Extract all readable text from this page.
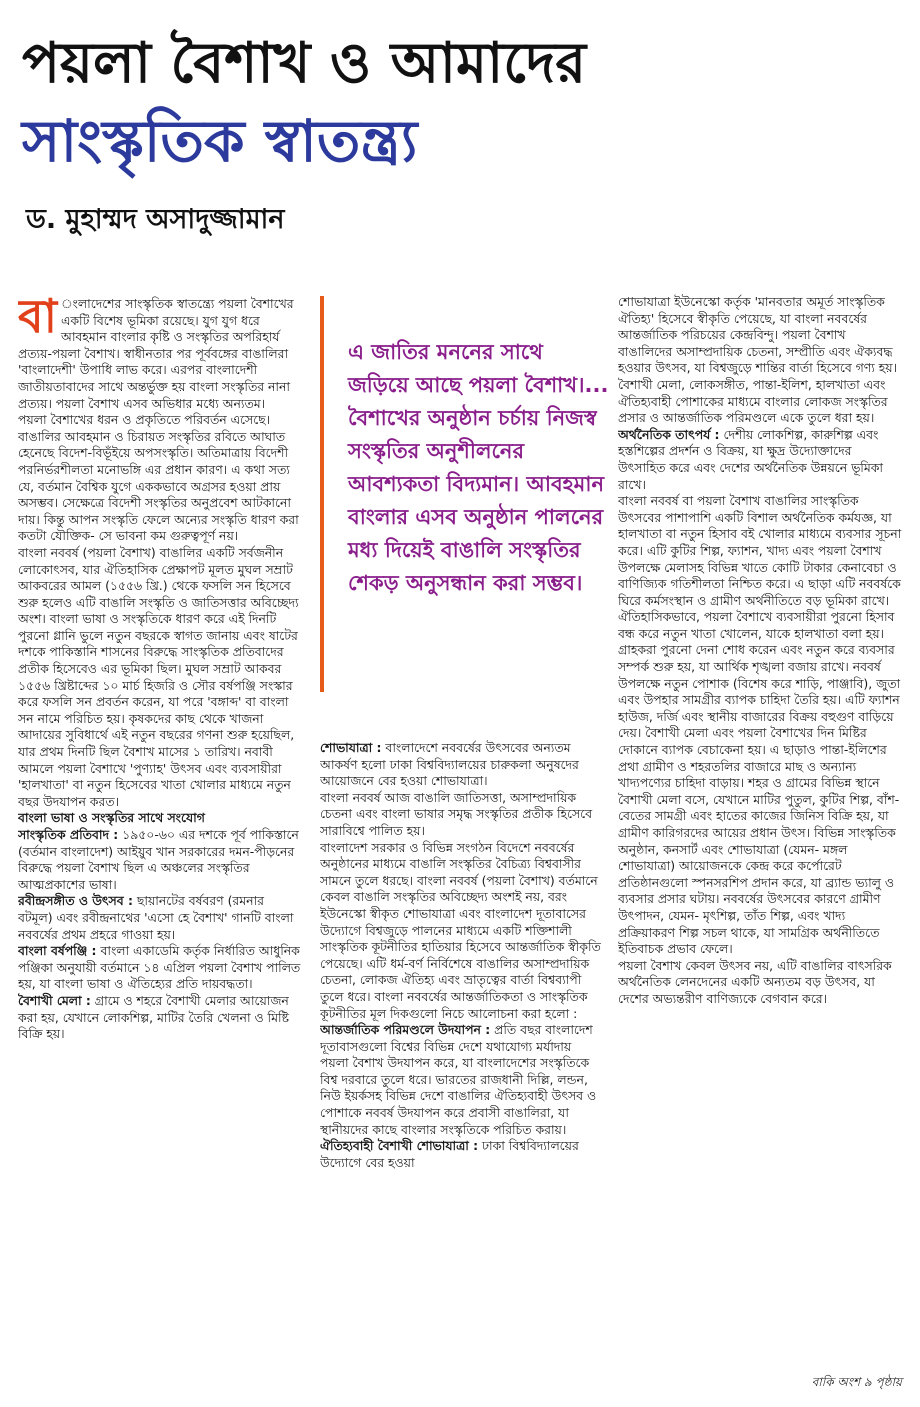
পয়লা বৈশাখ ও আমাদের
সাংস্কৃতিক স্বাতন্ত্র্য
ড. মুহাম্মদ অসাদুজ্জামান

বা ংলাদেশের সাংস্কৃতিক স্বাতন্ত্র্যে পয়লা বৈশাখের একটি বিশেষ ভূমিকা রয়েছে। যুগ যুগ ধরে আবহমান বাংলার কৃষ্টি ও সংস্কৃতির অপরিহার্য প্রত্যয়-পয়লা বৈশাখ। স্বাধীনতার পর পূর্ববঙ্গের বাঙালিরা 'বাংলাদেশী' উপাধি লাভ করে। এরপর বাংলাদেশী জাতীয়তাবাদের সাথে অন্তর্ভুক্ত হয় বাংলা সংস্কৃতির নানা প্রত্যয়। পয়লা বৈশাখ এসব অভিধার মধ্যে অন্যতম।

পয়লা বৈশাখের ধরন ও প্রকৃতিতে পরিবর্তন এসেছে। বাঙালির আবহমান ও চিরায়ত সংস্কৃতির রবিতে আঘাত হেনেছে বিদেশ-বিভূঁইয়ে অপসংস্কৃতি। অতিমাত্রায় বিদেশী পরনির্ভরশীলতা মনোভঙ্গি এর প্রধান কারণ। এ কথা সত্য যে, বর্তমান বৈশ্বিক যুগে এককভাবে অগ্রসর হওয়া প্রায় অসম্ভব। সেক্ষেত্রে বিদেশী সংস্কৃতির অনুপ্রবেশ আটকানো দায়। কিন্তু আপন সংস্কৃতি ফেলে অন্যের সংস্কৃতি ধারণ করা কতটা যৌক্তিক- সে ভাবনা কম গুরুত্বপূর্ণ নয়।

বাংলা নববর্ষ (পয়লা বৈশাখ) বাঙালির একটি সর্বজনীন লোকোৎসব, যার ঐতিহাসিক প্রেক্ষাপট মূলত মুঘল সম্রাট আকবরের আমল (১৫৫৬ খ্রি.) থেকে ফসলি সন হিসেবে শুরু হলেও এটি বাঙালি সংস্কৃতি ও জাতিসত্তার অবিচ্ছেদ্য অংশ। বাংলা ভাষা ও সংস্কৃতিকে ধারণ করে এই দিনটি পুরনো গ্লানি ভুলে নতুন বছরকে স্বাগত জানায় এবং ষাটের দশকে পাকিস্তানি শাসনের বিরুদ্ধে সাংস্কৃতিক প্রতিবাদের প্রতীক হিসেবেও এর ভূমিকা ছিল। মুঘল সম্রাট আকবর ১৫৫৬ খ্রিষ্টাব্দের ১০ মার্চ হিজরি ও সৌর বর্ষপঞ্জি সংস্কার করে ফসলি সন প্রবর্তন করেন, যা পরে 'বঙ্গাব্দ' বা বাংলা সন নামে পরিচিত হয়। কৃষকদের কাছ থেকে খাজনা আদায়ের সুবিধার্থে এই নতুন বছরের গণনা শুরু হয়েছিল, যার প্রথম দিনটি ছিল বৈশাখ মাসের ১ তারিখ। নবাবী আমলে পয়লা বৈশাখে 'পুণ্যাহ' উৎসব এবং ব্যবসায়ীরা 'হালখাতা' বা নতুন হিসেবের খাতা খোলার মাধ্যমে নতুন বছর উদযাপন করত।

বাংলা ভাষা ও সংস্কৃতির সাথে সংযোগ

সাংস্কৃতিক প্রতিবাদ : ১৯৫০-৬০ এর দশকে পূর্ব পাকিস্তানে (বর্তমান বাংলাদেশ) আইয়ুব খান সরকারের দমন-পীড়নের বিরুদ্ধে পয়লা বৈশাখ ছিল এ অঞ্চলের সংস্কৃতির আত্মপ্রকাশের ভাষা।

রবীন্দ্রসঙ্গীত ও উৎসব : ছায়ানটের বর্ষবরণ (রমনার বটমূল) এবং রবীন্দ্রনাথের 'এসো হে বৈশাখ' গানটি বাংলা নববর্ষের প্রথম প্রহরে গাওয়া হয়।

বাংলা বর্ষপঞ্জি : বাংলা একাডেমি কর্তৃক নির্ধারিত আধুনিক পঞ্জিকা অনুযায়ী বর্তমানে ১৪ এপ্রিল পয়লা বৈশাখ পালিত হয়, যা বাংলা ভাষা ও ঐতিহ্যের প্রতি দায়বদ্ধতা।

বৈশাখী মেলা : গ্রামে ও শহরে বৈশাখী মেলার আয়োজন করা হয়, যেখানে লোকশিল্প, মাটির তৈরি খেলনা ও মিষ্টি বিক্রি হয়।

এ জাতির মননের সাথে জড়িয়ে আছে পয়লা বৈশাখ।... বৈশাখের অনুষ্ঠান চর্চায় নিজস্ব সংস্কৃতির অনুশীলনের আবশ্যকতা বিদ্যমান। আবহমান বাংলার এসব অনুষ্ঠান পালনের মধ্য দিয়েই বাঙালি সংস্কৃতির শেকড় অনুসন্ধান করা সম্ভব।

শোভাযাত্রা : বাংলাদেশে নববর্ষের উৎসবের অন্যতম আকর্ষণ হলো ঢাকা বিশ্ববিদ্যালয়ের চারুকলা অনুষদের আয়োজনে বের হওয়া শোভাযাত্রা।

বাংলা নববর্ষ আজ বাঙালি জাতিসত্তা, অসাম্প্রদায়িক চেতনা এবং বাংলা ভাষার সমৃদ্ধ সংস্কৃতির প্রতীক হিসেবে সারাবিশ্বে পালিত হয়।

বাংলাদেশ সরকার ও বিভিন্ন সংগঠন বিদেশে নববর্ষের অনুষ্ঠানের মাধ্যমে বাঙালি সংস্কৃতির বৈচিত্র্য বিশ্ববাসীর সামনে তুলে ধরছে। বাংলা নববর্ষ (পয়লা বৈশাখ) বর্তমানে কেবল বাঙালি সংস্কৃতির অবিচ্ছেদ্য অংশই নয়, বরং ইউনেস্কো স্বীকৃত শোভাযাত্রা এবং বাংলাদেশ দূতাবাসের উদ্যোগে বিশ্বজুড়ে পালনের মাধ্যমে একটি শক্তিশালী সাংস্কৃতিক কূটনীতির হাতিয়ার হিসেবে আন্তর্জাতিক স্বীকৃতি পেয়েছে। এটি ধর্ম-বর্ণ নির্বিশেষে বাঙালির অসাম্প্রদায়িক চেতনা, লোকজ ঐতিহ্য এবং ভ্রাতৃত্বের বার্তা বিশ্বব্যাপী তুলে ধরে। বাংলা নববর্ষের আন্তর্জাতিকতা ও সাংস্কৃতিক কূটনীতির মূল দিকগুলো নিচে আলোচনা করা হলো :

আন্তর্জাতিক পরিমণ্ডলে উদযাপন : প্রতি বছর বাংলাদেশ দূতাবাসগুলো বিশ্বের বিভিন্ন দেশে যথাযোগ্য মর্যাদায় পয়লা বৈশাখ উদযাপন করে, যা বাংলাদেশের সংস্কৃতিকে বিশ্ব দরবারে তুলে ধরে। ভারতের রাজধানী দিল্লি, লন্ডন, নিউ ইয়র্কসহ বিভিন্ন দেশে বাঙালির ঐতিহ্যবাহী উৎসব ও পোশাকে নববর্ষ উদযাপন করে প্রবাসী বাঙালিরা, যা স্থানীয়দের কাছে বাংলার সংস্কৃতিকে পরিচিত করায়।

ঐতিহ্যবাহী বৈশাখী শোভাযাত্রা : ঢাকা বিশ্ববিদ্যালয়ের উদ্যোগে বের হওয়া

শোভাযাত্রা ইউনেস্কো কর্তৃক 'মানবতার অমূর্ত সাংস্কৃতিক ঐতিহ্য' হিসেবে স্বীকৃতি পেয়েছে, যা বাংলা নববর্ষের আন্তর্জাতিক পরিচয়ের কেন্দ্রবিন্দু। পয়লা বৈশাখ বাঙালিদের অসাম্প্রদায়িক চেতনা, সম্প্রীতি এবং ঐক্যবদ্ধ হওয়ার উৎসব, যা বিশ্বজুড়ে শান্তির বার্তা হিসেবে গণ্য হয়। বৈশাখী মেলা, লোকসঙ্গীত, পান্তা-ইলিশ, হালখাতা এবং ঐতিহ্যবাহী পোশাকের মাধ্যমে বাংলার লোকজ সংস্কৃতির প্রসার ও আন্তর্জাতিক পরিমণ্ডলে একে তুলে ধরা হয়।

অর্থনৈতিক তাৎপর্য : দেশীয় লোকশিল্প, কারুশিল্প এবং হস্তশিল্পের প্রদর্শন ও বিক্রয়, যা ক্ষুদ্র উদ্যোক্তাদের উৎসাহিত করে এবং দেশের অর্থনৈতিক উন্নয়নে ভূমিকা রাখে।

বাংলা নববর্ষ বা পয়লা বৈশাখ বাঙালির সাংস্কৃতিক উৎসবের পাশাপাশি একটি বিশাল অর্থনৈতিক কর্মযজ্ঞ, যা হালখাতা বা নতুন হিসাব বই খোলার মাধ্যমে ব্যবসার সূচনা করে। এটি কুটির শিল্প, ফ্যাশন, খাদ্য এবং পয়লা বৈশাখ উপলক্ষে মেলাসহ বিভিন্ন খাতে কোটি টাকার কেনাবেচা ও বাণিজ্যিক গতিশীলতা নিশ্চিত করে। এ ছাড়া এটি নববর্ষকে ঘিরে কর্মসংস্থান ও গ্রামীণ অর্থনীতিতে বড় ভূমিকা রাখে।

ঐতিহাসিকভাবে, পয়লা বৈশাখে ব্যবসায়ীরা পুরনো হিসাব বন্ধ করে নতুন খাতা খোলেন, যাকে হালখাতা বলা হয়। গ্রাহকরা পুরনো দেনা শোধ করেন এবং নতুন করে ব্যবসার সম্পর্ক শুরু হয়, যা আর্থিক শৃঙ্খলা বজায় রাখে। নববর্ষ উপলক্ষে নতুন পোশাক (বিশেষ করে শাড়ি, পাঞ্জাবি), জুতা এবং উপহার সামগ্রীর ব্যাপক চাহিদা তৈরি হয়। এটি ফ্যাশন হাউজ, দর্জি এবং স্থানীয় বাজারের বিক্রয় বহুগুণ বাড়িয়ে দেয়। বৈশাখী মেলা এবং পয়লা বৈশাখের দিন মিষ্টির দোকানে ব্যাপক বেচাকেনা হয়। এ ছাড়াও পান্তা-ইলিশের প্রথা গ্রামীণ ও শহরতলির বাজারে মাছ ও অন্যান্য খাদ্যপণ্যের চাহিদা বাড়ায়। শহর ও গ্রামের বিভিন্ন স্থানে বৈশাখী মেলা বসে, যেখানে মাটির পুতুল, কুটির শিল্প, বাঁশ-বেতের সামগ্রী এবং হাতের কাজের জিনিস বিক্রি হয়, যা গ্রামীণ কারিগরদের আয়ের প্রধান উৎস। বিভিন্ন সাংস্কৃতিক অনুষ্ঠান, কনসার্ট এবং শোভাযাত্রা (যেমন- মঙ্গল শোভাযাত্রা) আয়োজনকে কেন্দ্র করে কর্পোরেট প্রতিষ্ঠানগুলো স্পনসরশিপ প্রদান করে, যা ব্র্যান্ড ভ্যালু ও ব্যবসার প্রসার ঘটায়। নববর্ষের উৎসবের কারণে গ্রামীণ উৎপাদন, যেমন- মৃৎশিল্প, তাঁত শিল্প, এবং খাদ্য প্রক্রিয়াকরণ শিল্প সচল থাকে, যা সামগ্রিক অর্থনীতিতে ইতিবাচক প্রভাব ফেলে।

পয়লা বৈশাখ কেবল উৎসব নয়, এটি বাঙালির বাৎসরিক অর্থনৈতিক লেনদেনের একটি অন্যতম বড় উৎসব, যা দেশের অভ্যন্তরীণ বাণিজ্যকে বেগবান করে।

বাকি অংশ ৯ পৃষ্ঠায়
